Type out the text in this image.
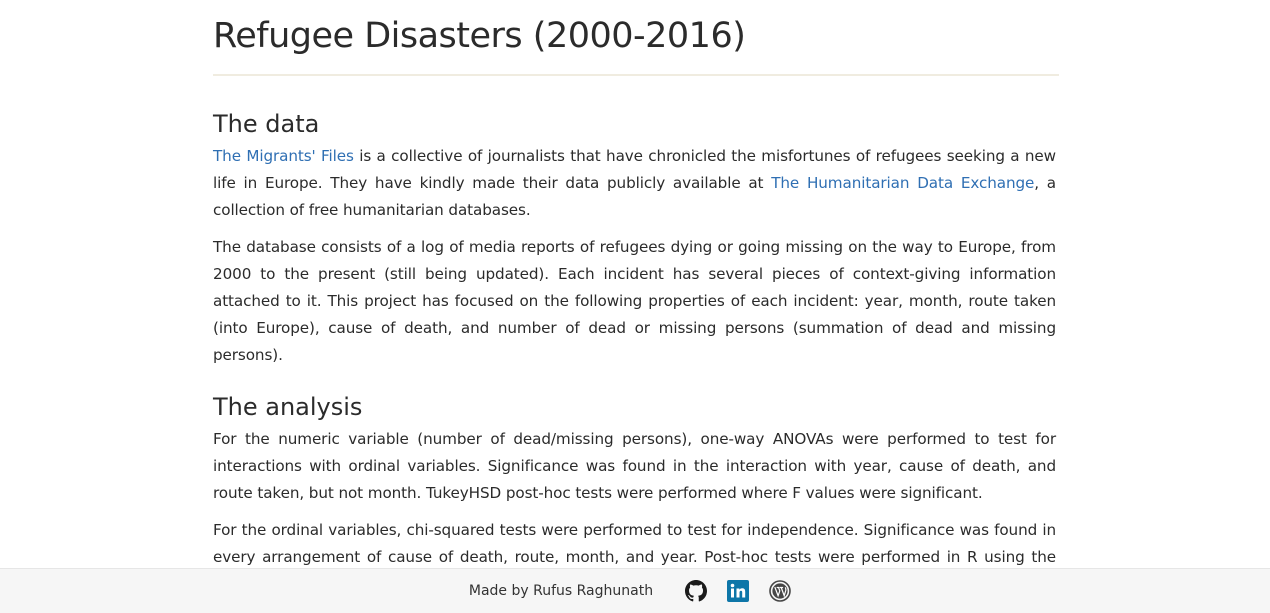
Refugee Disasters (2000-2016)
The data

The Migrants' Files is a collective of journalists that have chronicled the misfortunes of refugees seeking a new life in Europe. They have kindly made their data publicly available at The Humanitarian Data Exchange, a collection of free humanitarian databases.

The database consists of a log of media reports of refugees dying or going missing on the way to Europe, from 2000 to the present (still being updated). Each incident has several pieces of context-giving information attached to it. This project has focused on the following properties of each incident: year, month, route taken (into Europe), cause of death, and number of dead or missing persons (summation of dead and missing persons).

The analysis

For the numeric variable (number of dead/missing persons), one-way ANOVAs were performed to test for interactions with ordinal variables. Significance was found in the interaction with year, cause of death, and route taken, but not month. TukeyHSD post-hoc tests were performed where F values were significant.

For the ordinal variables, chi-squared tests were performed to test for independence. Significance was found in every arrangement of cause of death, route, month, and year. Post-hoc tests were performed in R using the

Made by Rufus Raghunath
